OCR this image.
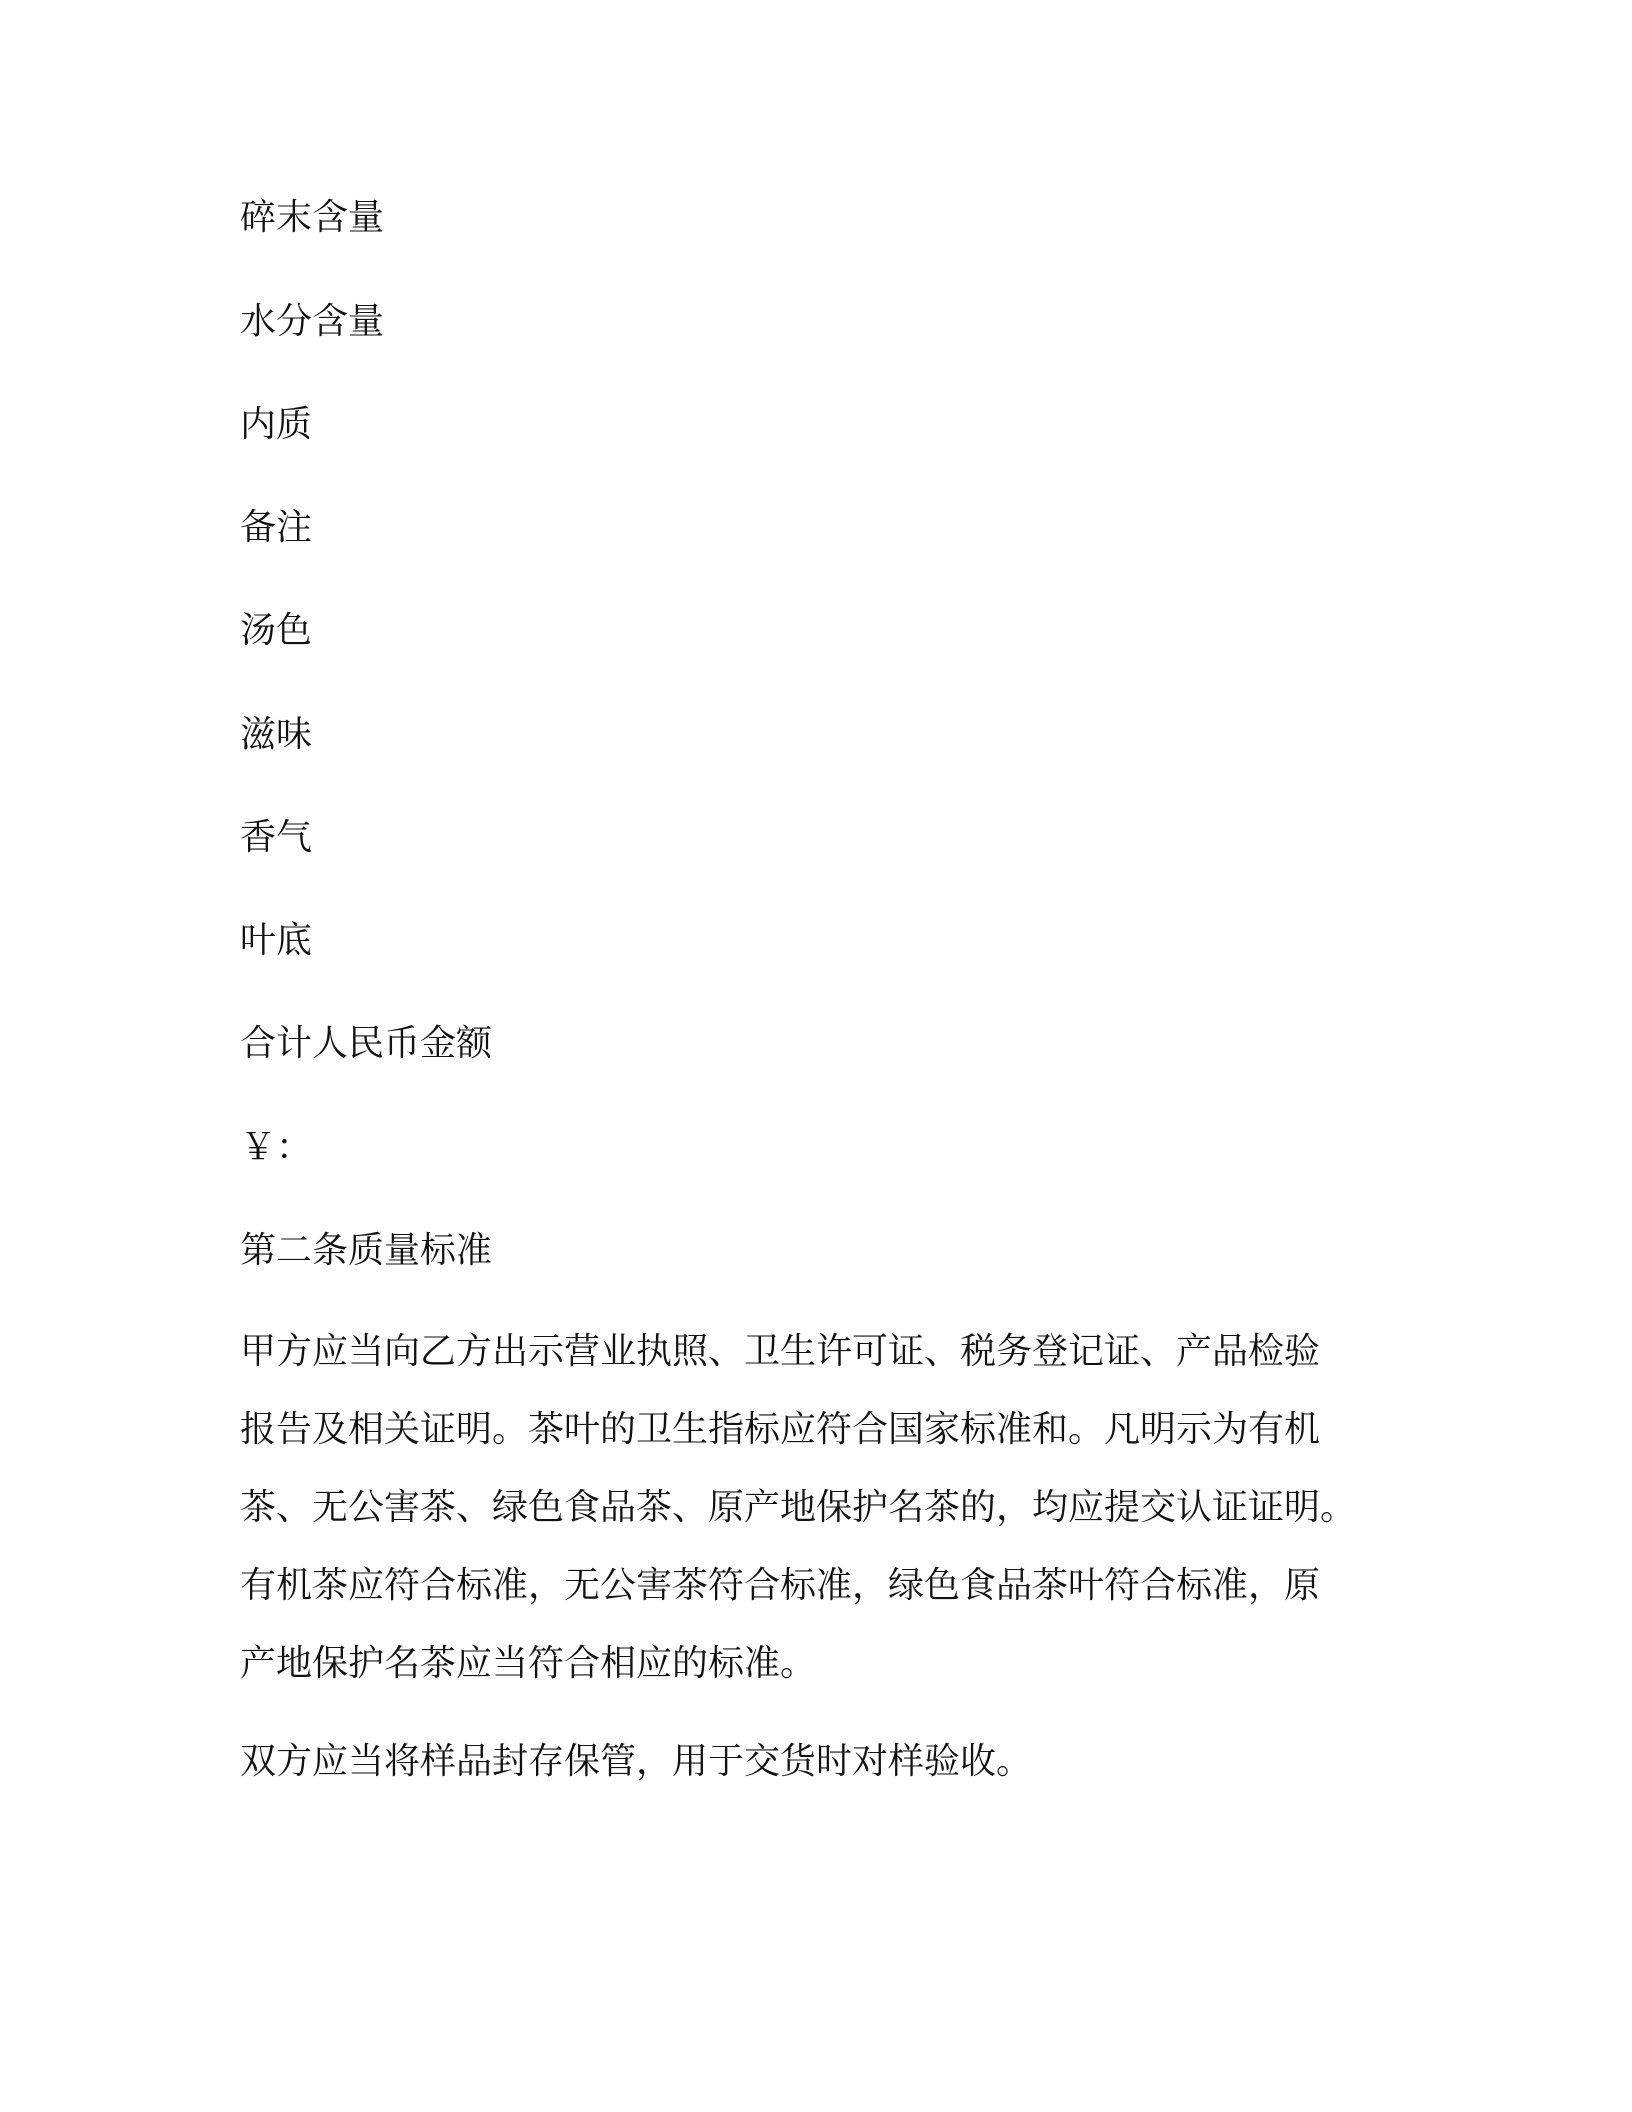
碎末含量
水分含量
内质
备注
汤色
滋味
香气
叶底
合计人民币金额
￥：
第二条质量标准
甲方应当向乙方出示营业执照、卫生许可证、税务登记证、产品检验
报告及相关证明。茶叶的卫生指标应符合国家标准和。凡明示为有机
茶、无公害茶、绿色食品茶、原产地保护名茶的，均应提交认证证明。
有机茶应符合标准，无公害茶符合标准，绿色食品茶叶符合标准，原
产地保护名茶应当符合相应的标准。
双方应当将样品封存保管，用于交货时对样验收。
